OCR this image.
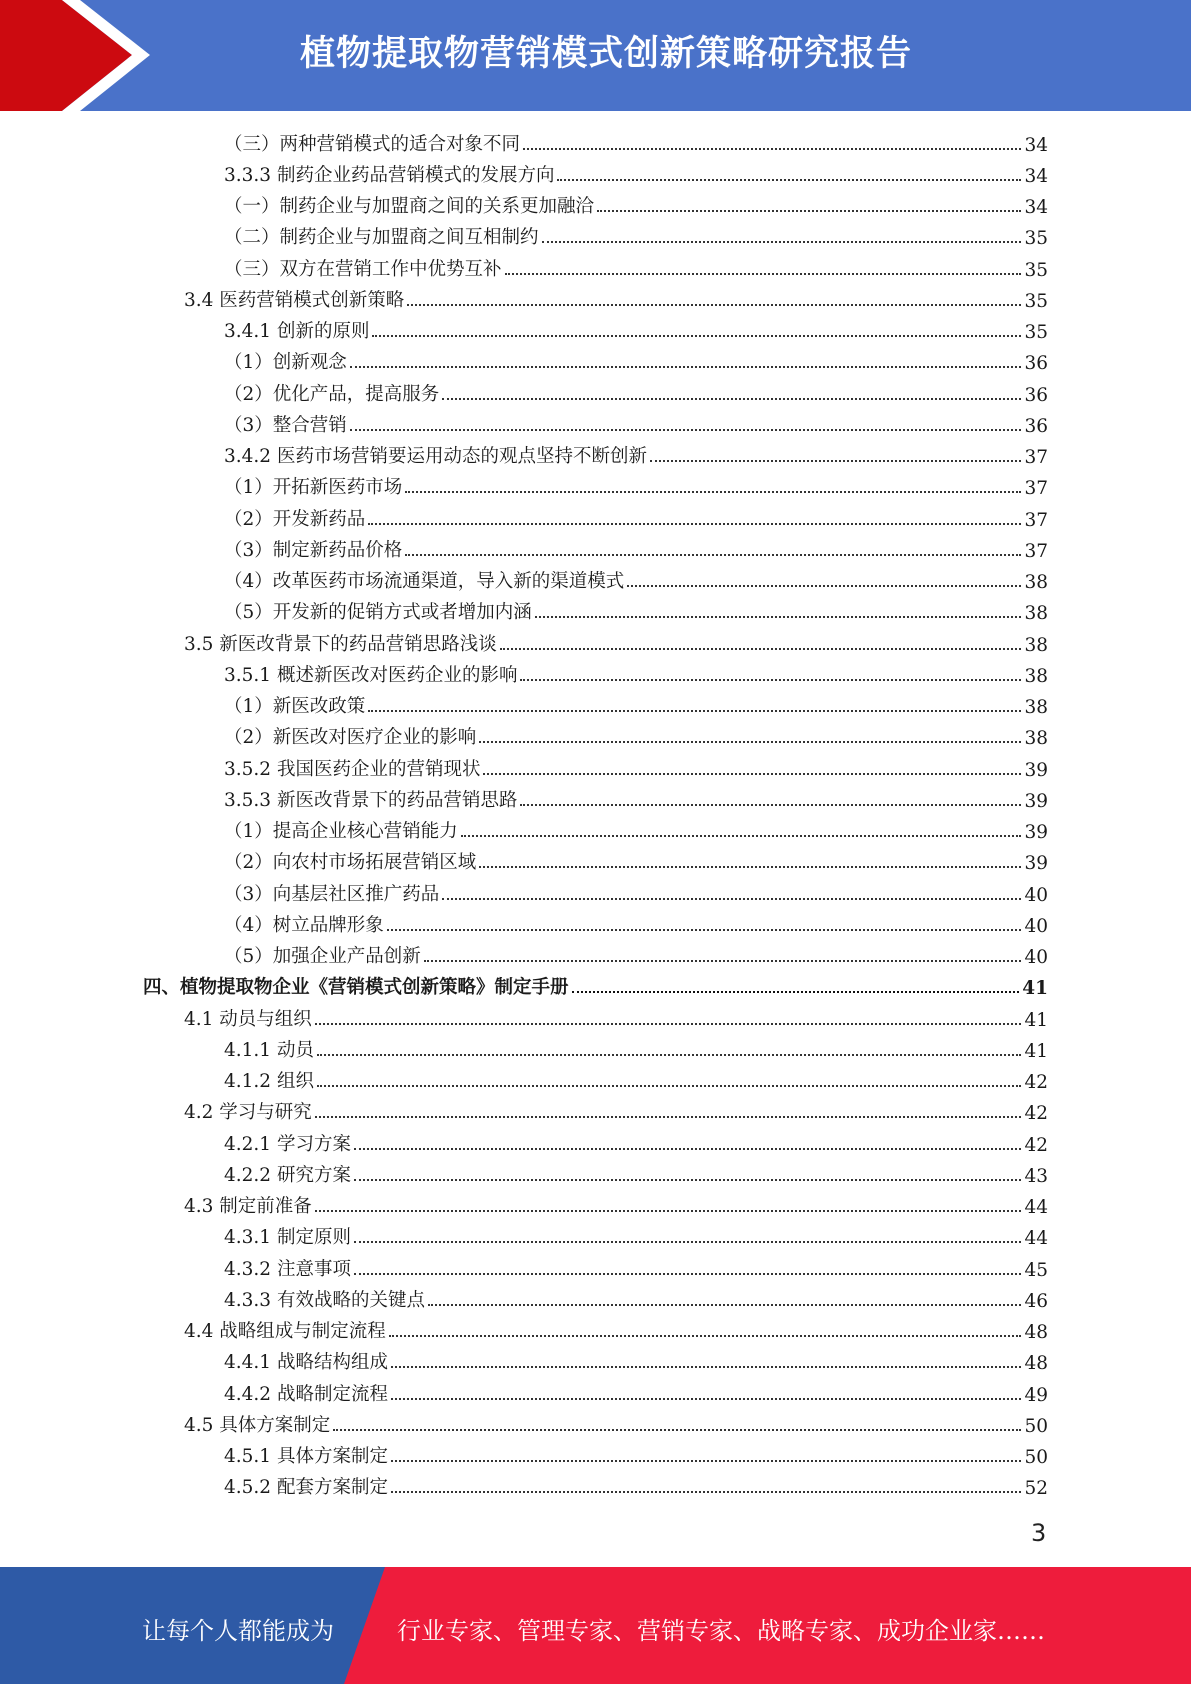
植物提取物营销模式创新策略研究报告
（三）两种营销模式的适合对象不同	34
3.3.3 制药企业药品营销模式的发展方向	34
（一）制药企业与加盟商之间的关系更加融洽	34
（二）制药企业与加盟商之间互相制约	35
（三）双方在营销工作中优势互补	35
3.4 医药营销模式创新策略	35
3.4.1 创新的原则	35
（1）创新观念	36
（2）优化产品，提高服务	36
（3）整合营销	36
3.4.2 医药市场营销要运用动态的观点坚持不断创新	37
（1）开拓新医药市场	37
（2）开发新药品	37
（3）制定新药品价格	37
（4）改革医药市场流通渠道，导入新的渠道模式	38
（5）开发新的促销方式或者增加内涵	38
3.5 新医改背景下的药品营销思路浅谈	38
3.5.1 概述新医改对医药企业的影响	38
（1）新医改政策	38
（2）新医改对医疗企业的影响	38
3.5.2 我国医药企业的营销现状	39
3.5.3 新医改背景下的药品营销思路	39
（1）提高企业核心营销能力	39
（2）向农村市场拓展营销区域	39
（3）向基层社区推广药品	40
（4）树立品牌形象	40
（5）加强企业产品创新	40
四、植物提取物企业《营销模式创新策略》制定手册	41
4.1 动员与组织	41
4.1.1 动员	41
4.1.2 组织	42
4.2 学习与研究	42
4.2.1 学习方案	42
4.2.2 研究方案	43
4.3 制定前准备	44
4.3.1 制定原则	44
4.3.2 注意事项	45
4.3.3 有效战略的关键点	46
4.4 战略组成与制定流程	48
4.4.1 战略结构组成	48
4.4.2 战略制定流程	49
4.5 具体方案制定	50
4.5.1 具体方案制定	50
4.5.2 配套方案制定	52
3
让每个人都能成为	行业专家、管理专家、营销专家、战略专家、成功企业家……
